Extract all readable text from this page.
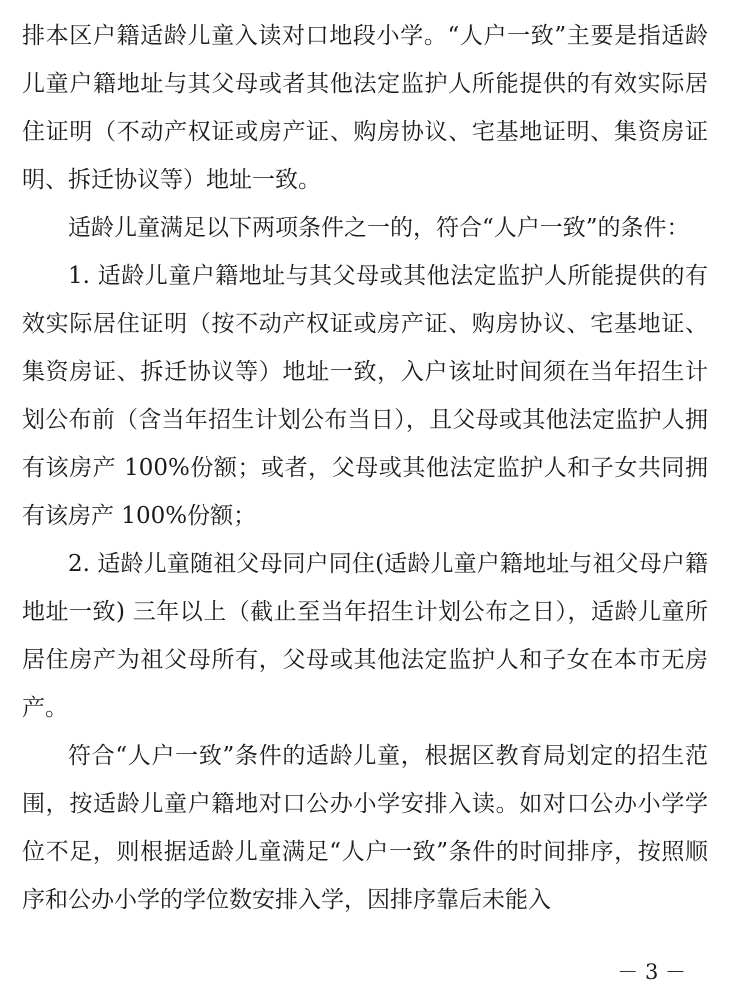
排本区户籍适龄儿童入读对口地段小学。“人户一致”主要是指适龄儿童户籍地址与其父母或者其他法定监护人所能提供的有效实际居住证明（不动产权证或房产证、购房协议、宅基地证明、集资房证明、拆迁协议等）地址一致。

适龄儿童满足以下两项条件之一的，符合“人户一致”的条件：

1. 适龄儿童户籍地址与其父母或其他法定监护人所能提供的有效实际居住证明（按不动产权证或房产证、购房协议、宅基地证、集资房证、拆迁协议等）地址一致，入户该址时间须在当年招生计划公布前（含当年招生计划公布当日），且父母或其他法定监护人拥有该房产 100%份额；或者，父母或其他法定监护人和子女共同拥有该房产 100%份额；

2. 适龄儿童随祖父母同户同住(适龄儿童户籍地址与祖父母户籍地址一致) 三年以上（截止至当年招生计划公布之日），适龄儿童所居住房产为祖父母所有，父母或其他法定监护人和子女在本市无房产。

符合“人户一致”条件的适龄儿童，根据区教育局划定的招生范围，按适龄儿童户籍地对口公办小学安排入读。如对口公办小学学位不足，则根据适龄儿童满足“人户一致”条件的时间排序，按照顺序和公办小学的学位数安排入学，因排序靠后未能入

－ 3 －
